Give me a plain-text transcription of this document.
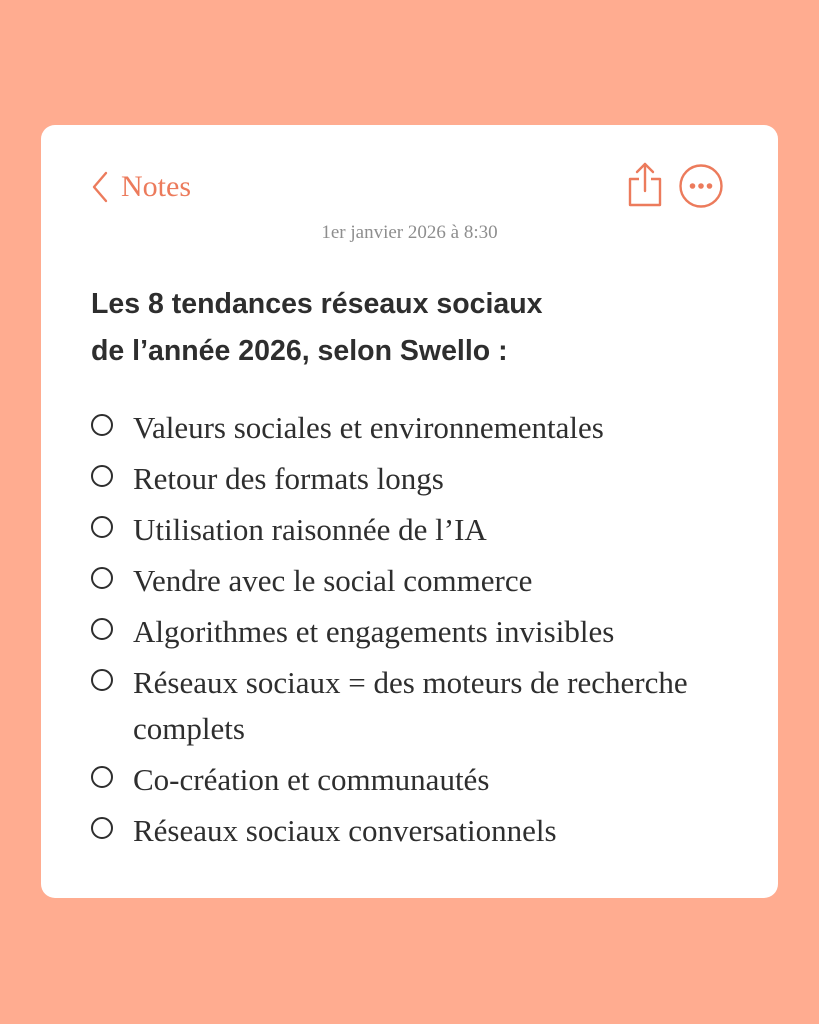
Notes
1er janvier 2026 à 8:30
Les 8 tendances réseaux sociaux
de l’année 2026, selon Swello :
Valeurs sociales et environnementales
Retour des formats longs
Utilisation raisonnée de l’IA
Vendre avec le social commerce
Algorithmes et engagements invisibles
Réseaux sociaux = des moteurs de recherche complets
Co-création et communautés
Réseaux sociaux conversationnels
